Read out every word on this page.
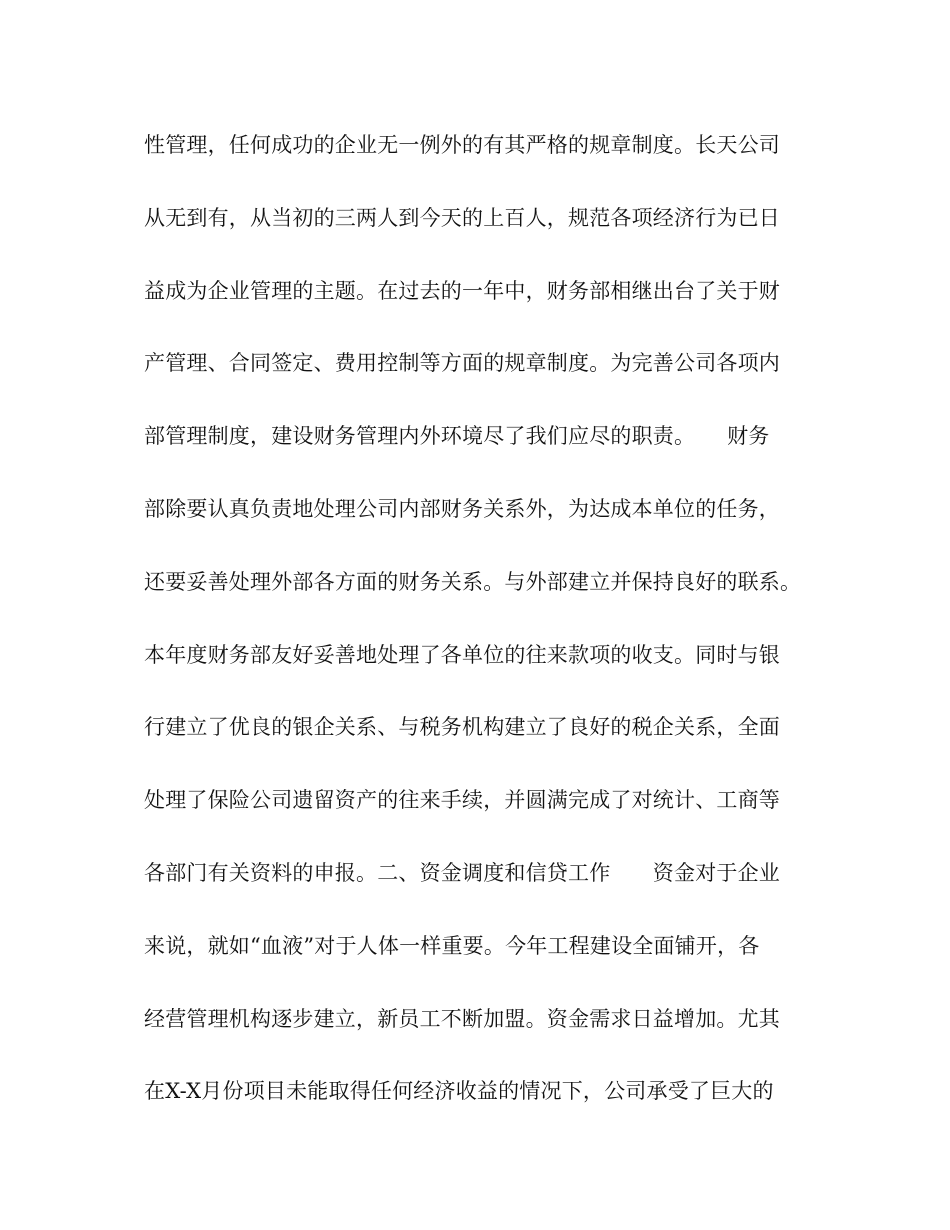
性管理，任何成功的企业无一例外的有其严格的规章制度。长天公司
从无到有，从当初的三两人到今天的上百人，规范各项经济行为已日
益成为企业管理的主题。在过去的一年中，财务部相继出台了关于财
产管理、合同签定、费用控制等方面的规章制度。为完善公司各项内
部管理制度，建设财务管理内外环境尽了我们应尽的职责。　　财务
部除要认真负责地处理公司内部财务关系外，为达成本单位的任务，
还要妥善处理外部各方面的财务关系。与外部建立并保持良好的联系。
本年度财务部友好妥善地处理了各单位的往来款项的收支。同时与银
行建立了优良的银企关系、与税务机构建立了良好的税企关系，全面
处理了保险公司遗留资产的往来手续，并圆满完成了对统计、工商等
各部门有关资料的申报。二、资金调度和信贷工作　　资金对于企业
来说，就如“血液”对于人体一样重要。今年工程建设全面铺开，各
经营管理机构逐步建立，新员工不断加盟。资金需求日益增加。尤其
在X-X月份项目未能取得任何经济收益的情况下，公司承受了巨大的
